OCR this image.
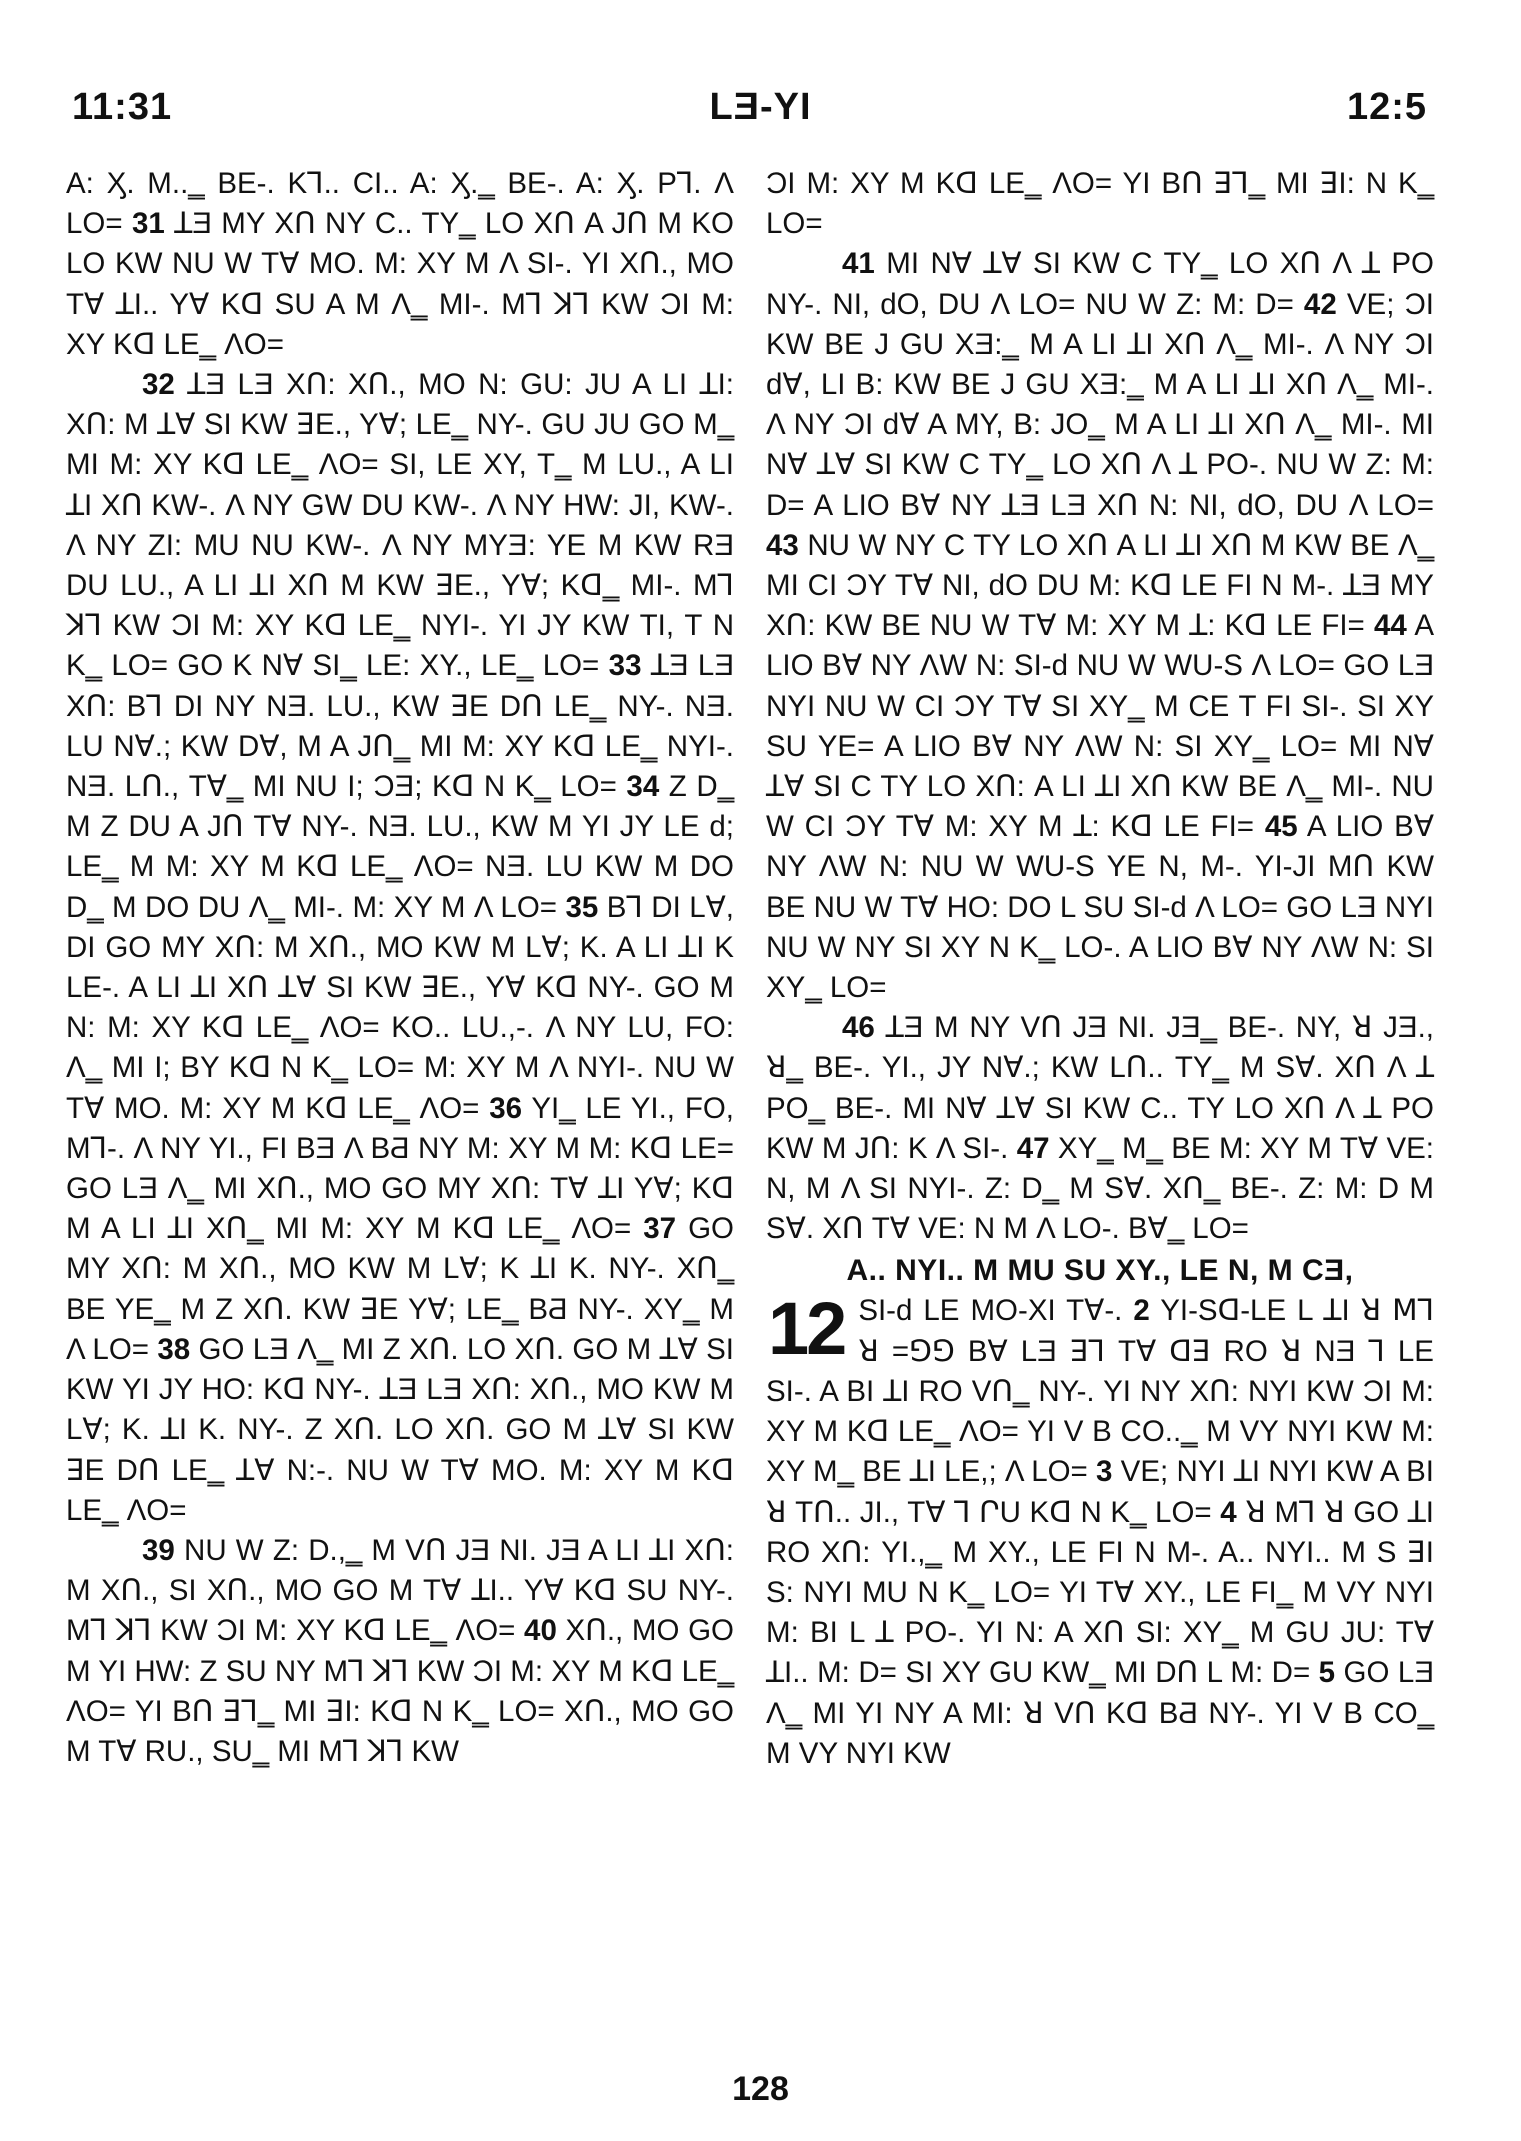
11:31	LƎ-YI	12:5

A: Ӽ. M..‗ BE-. Kꓶ.. CI.. A: Ӽ.‗ BE-. A: Ӽ. Pꓶ. Λ LO= 31 ꓕƎ MY XՈ NY C.. TY‗ LO XՈ A JՈ M KO LO KW NU W TⱯ MO. M: XY M Λ SI-. YI XՈ., MO TⱯ ꓕI.. YⱯ Kꓷ SU A M Λ‗ MI-. Mꓶ ꓘꓶ KW ƆI M: XY Kꓷ LE‗ ΛO=

32 ꓕƎ LƎ XՈ: XՈ., MO N: GU: JU A LI ꓕI: XՈ: M ꓕⱯ SI KW ꓱE., YⱯ; LE‗ NY-. GU JU GO M‗ MI M: XY Kꓷ LE‗ ΛO= SI, LE XY, T‗ M LU., A LI ꓕI XՈ KW-. Λ NY GW DU KW-. Λ NY HW: JI, KW-. Λ NY ZI: MU NU KW-. Λ NY MYƎ: YE M KW RƎ DU LU., A LI ꓕI XՈ M KW ꓱE., YⱯ; Kꓷ‗ MI-. Mꓶ ꓘꓶ KW ƆI M: XY Kꓷ LE‗ NYI-. YI JY KW TI, T N K‗ LO= GO K NⱯ SI‗ LE: XY., LE‗ LO= 33 ꓕƎ LƎ XՈ: Bꓶ DI NY NƎ. LU., KW ꓱE DՈ LE‗ NY-. NƎ. LU NⱯ.; KW DⱯ, M A JՈ‗ MI M: XY Kꓷ LE‗ NYI-. NƎ. LՈ., TⱯ‗ MI NU I; ƆƎ; Kꓷ N K‗ LO= 34 Z D‗ M Z DU A JՈ TⱯ NY-. NƎ. LU., KW M YI JY LE ԁ; LE‗ M M: XY M Kꓷ LE‗ ΛO= NƎ. LU KW M DO D‗ M DO DU Λ‗ MI-. M: XY M Λ LO= 35 Bꓶ DI LⱯ, DI GO MY XՈ: M XՈ., MO KW M LⱯ; K. A LI ꓕI K LE-. A LI ꓕI XՈ ꓕⱯ SI KW ꓱE., YⱯ Kꓷ NY-. GO M N: M: XY Kꓷ LE‗ ΛO= KO.. LU.,-. Λ NY LU, FO: Λ‗ MI I; BY Kꓷ N K‗ LO= M: XY M Λ NYI-. NU W TⱯ MO. M: XY M Kꓷ LE‗ ΛO= 36 YI‗ LE YI., FO, Mꓶ-. Λ NY YI., FI BƎ Λ BƋ NY M: XY M M: Kꓷ LE= GO LƎ Λ‗ MI XՈ., MO GO MY XՈ: TⱯ ꓕI YⱯ; Kꓷ M A LI ꓕI XՈ‗ MI M: XY M Kꓷ LE‗ ΛO= 37 GO MY XՈ: M XՈ., MO KW M LⱯ; K ꓕI K. NY-. XՈ‗ BE YE‗ M Z XՈ. KW ꓱE YⱯ; LE‗ BƋ NY-. XY‗ M Λ LO= 38 GO LƎ Λ‗ MI Z XՈ. LO XՈ. GO M ꓕⱯ SI KW YI JY HO: Kꓷ NY-. ꓕƎ LƎ XՈ: XՈ., MO KW M LⱯ; K. ꓕI K. NY-. Z XՈ. LO XՈ. GO M ꓕⱯ SI KW ꓱE DՈ LE‗ ꓕⱯ N:-. NU W TⱯ MO. M: XY M Kꓷ LE‗ ΛO=

39 NU W Z: D.,‗ M VՈ JƎ NI. JƎ A LI ꓕI XՈ: M XՈ., SI XՈ., MO GO M TⱯ ꓕI.. YⱯ Kꓷ SU NY-. Mꓶ ꓘꓶ KW ƆI M: XY Kꓷ LE‗ ΛO= 40 XՈ., MO GO M YI HW: Z SU NY Mꓶ ꓘꓶ KW ƆI M: XY M Kꓷ LE‗ ΛO= YI BՈ ꓱꓶ‗ MI ꓱI: Kꓷ N K‗ LO= XՈ., MO GO M TⱯ RU., SU‗ MI Mꓶ ꓘꓶ KW

ƆI M: XY M Kꓷ LE‗ ΛO= YI BՈ ꓱꓶ‗ MI ꓱI: N K‗ LO=

41 MI NⱯ ꓕⱯ SI KW C TY‗ LO XՈ Λ ꓕ PO NY-. NI, ԁO, DU Λ LO= NU W Z: M: D= 42 VE; ƆI KW BE J GU XƎ:‗ M A LI ꓕI XՈ Λ‗ MI-. Λ NY ƆI ԁⱯ, LI B: KW BE J GU XƎ:‗ M A LI ꓕI XՈ Λ‗ MI-. Λ NY ƆI ԁⱯ A MY, B: JO‗ M A LI ꓕI XՈ Λ‗ MI-. MI NⱯ ꓕⱯ SI KW C TY‗ LO XՈ Λ ꓕ PO-. NU W Z: M: D= A LIO BⱯ NY ꓕƎ LƎ XՈ N: NI, ԁO, DU Λ LO= 43 NU W NY C TY LO XՈ A LI ꓕI XՈ M KW BE Λ‗ MI CI ƆY TⱯ NI, ԁO DU M: Kꓷ LE FI N M-. ꓕƎ MY XՈ: KW BE NU W TⱯ M: XY M ꓕ: Kꓷ LE FI= 44 A LIO BⱯ NY ΛW N: SI-ԁ NU W WU-S Λ LO= GO LƎ NYI NU W CI ƆY TⱯ SI XY‗ M CE T FI SI-. SI XY SU YE= A LIO BⱯ NY ΛW N: SI XY‗ LO= MI NⱯ ꓕⱯ SI C TY LO XՈ: A LI ꓕI XՈ KW BE Λ‗ MI-. NU W CI ƆY TⱯ M: XY M ꓕ: Kꓷ LE FI= 45 A LIO BⱯ NY ΛW N: NU W WU-S YE N, M-. YI-JI MՈ KW BE NU W TⱯ HO: DO L SU SI-ԁ Λ LO= GO LƎ NYI NU W NY SI XY N K‗ LO-. A LIO BⱯ NY ΛW N: SI XY‗ LO=

46 ꓕƎ M NY VՈ JƎ NI. JƎ‗ BE-. NY, ꓤ JƎ., ꓤ‗ BE-. YI., JY NⱯ.; KW LՈ.. TY‗ M SⱯ. XՈ Λ ꓕ PO‗ BE-. MI NⱯ ꓕⱯ SI KW C.. TY LO XՈ Λ ꓕ PO KW M JՈ: K Λ SI-. 47 XY‗ M‗ BE M: XY M TⱯ VE: N, M Λ SI NYI-. Z: D‗ M SⱯ. XՈ‗ BE-. Z: M: D M SⱯ. XՈ TⱯ VE: N M Λ LO-. BⱯ‗ LO=

A.. NYI.. M MU SU XY., LE N, M CƎ,

12 SI-ԁ LE MO-XI TⱯ-. 2 YI-Sꓷ-LE L ꓕI ꓤ ꓟꓶ ꓤ =ꓨꓨ BⱯ LƎ ꓱꓶ TⱯ ꓷꓱ RO ꓤ NƎ ꓶ LE SI-. A BI ꓕI RO VՈ‗ NY-. YI NY XՈ: NYI KW ƆI M: XY M Kꓷ LE‗ ΛO= YI V B CO..‗ M VY NYI KW M: XY M‗ BE ꓕI LE,; Λ LO= 3 VE; NYI ꓕI NYI KW A BI ꓤ TՈ.. JI., TⱯ ꓶ ՐU Kꓷ N K‗ LO= 4 ꓤ Mꓶ ꓤ GO ꓕI RO XՈ: YI.,‗ M XY., LE FI N M-. A.. NYI.. M S ꓱI S: NYI MU N K‗ LO= YI TⱯ XY., LE FI‗ M VY NYI M: BI L ꓕ PO-. YI N: A XՈ SI: XY‗ M GU JU: TⱯ ꓕI.. M: D= SI XY GU KW‗ MI DՈ L M: D= 5 GO LƎ Λ‗ MI YI NY A MI: ꓤ VՈ Kꓷ BƋ NY-. YI V B CO‗ M VY NYI KW

128
